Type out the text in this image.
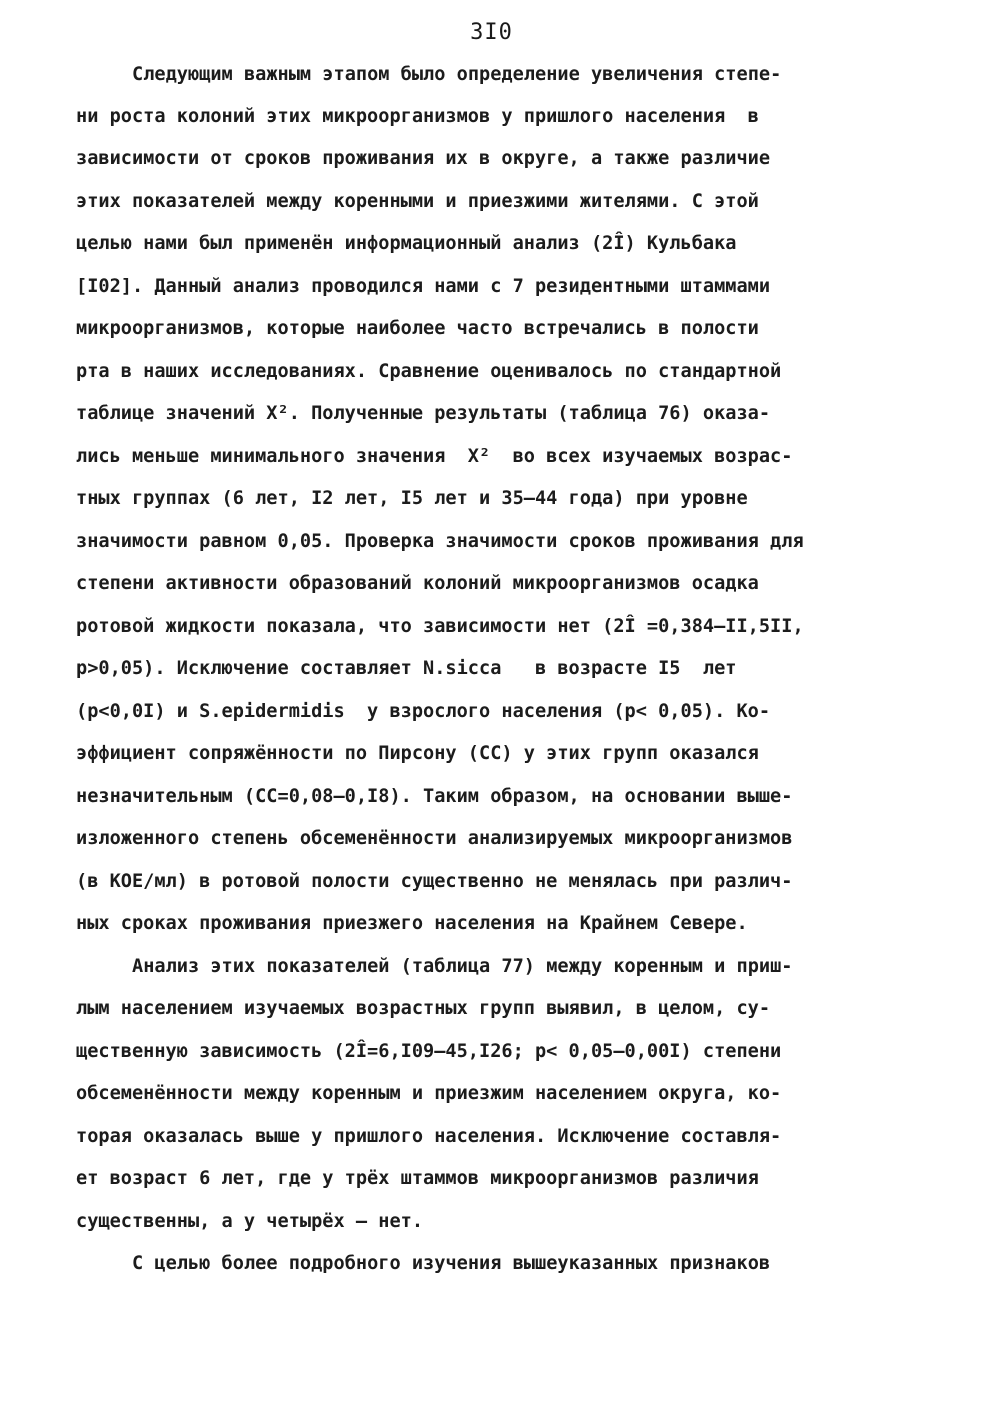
3I0

Следующим важным этапом было определение увеличения степе-

ни роста колоний этих микроорганизмов у пришлого населения  в

зависимости от сроков проживания их в округе, а также различие

этих показателей между коренными и приезжими жителями. С этой

целью нами был применён информационный анализ (2Î) Кульбака

[I02]. Данный анализ проводился нами с 7 резидентными штаммами

микроорганизмов, которые наиболее часто встречались в полости

рта в наших исследованиях. Сравнение оценивалось по стандартной

таблице значений X². Полученные результаты (таблица 76) оказа-

лись меньше минимального значения  X²  во всех изучаемых возрас-

тных группах (6 лет, I2 лет, I5 лет и 35–44 года) при уровне

значимости равном 0,05. Проверка значимости сроков проживания для

степени активности образований колоний микроорганизмов осадка

ротовой жидкости показала, что зависимости нет (2Î =0,384–II,5II,

p>0,05). Исключение составляет N.sicca   в возрасте I5  лет

(p<0,0I) и S.epidermidis  у взрослого населения (p< 0,05). Ко-

эффициент сопряжённости по Пирсону (CC) у этих групп оказался

незначительным (CC=0,08–0,I8). Таким образом, на основании выше-

изложенного степень обсеменённости анализируемых микроорганизмов

(в КОЕ/мл) в ротовой полости существенно не менялась при различ-

ных сроках проживания приезжего населения на Крайнем Севере.

Анализ этих показателей (таблица 77) между коренным и приш-

лым населением изучаемых возрастных групп выявил, в целом, су-

щественную зависимость (2Î=6,I09–45,I26; p< 0,05–0,00I) степени

обсеменённости между коренным и приезжим населением округа, ко-

торая оказалась выше у пришлого населения. Исключение составля-

ет возраст 6 лет, где у трёх штаммов микроорганизмов различия

существенны, а у четырёх – нет.

С целью более подробного изучения вышеуказанных признаков
